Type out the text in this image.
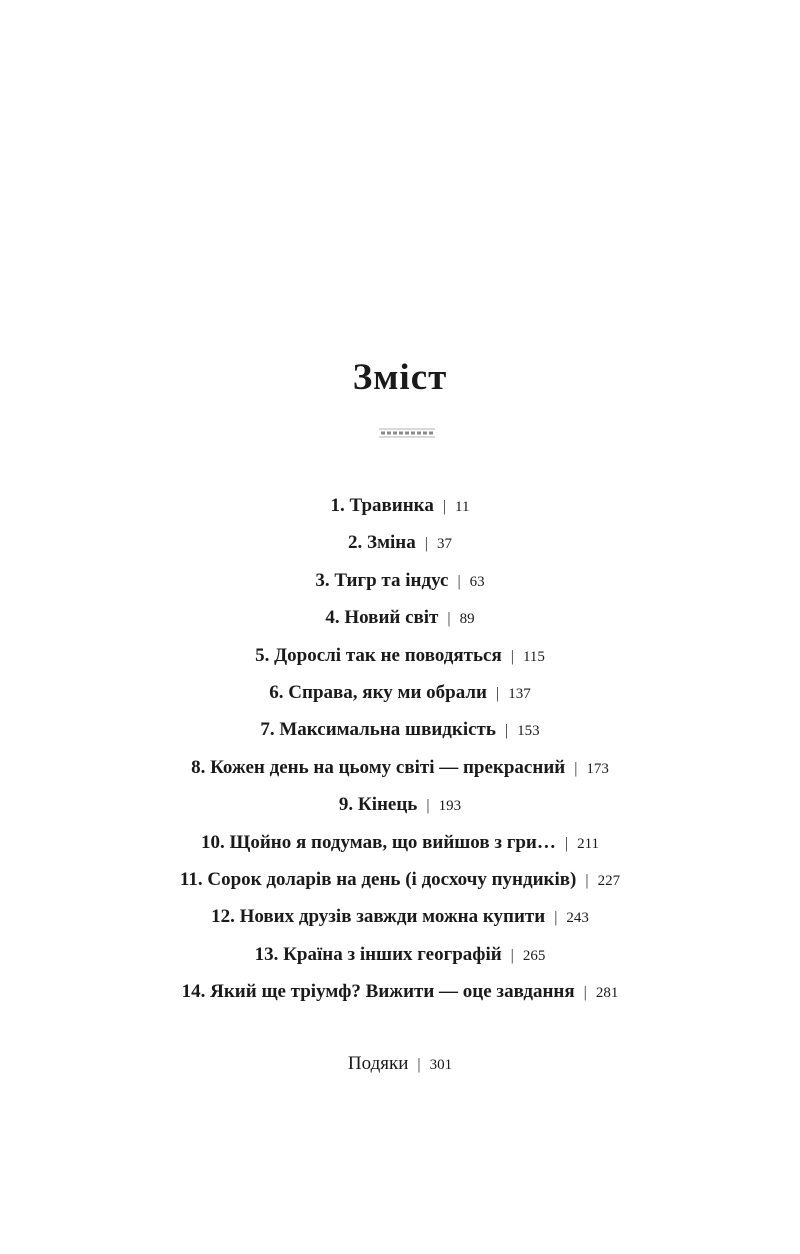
Зміст
1. Травинка | 11
2. Зміна | 37
3. Тигр та індус | 63
4. Новий світ | 89
5. Дорослі так не поводяться | 115
6. Справа, яку ми обрали | 137
7. Максимальна швидкість | 153
8. Кожен день на цьому світі — прекрасний | 173
9. Кінець | 193
10. Щойно я подумав, що вийшов з гри… | 211
11. Сорок доларів на день (і досхочу пундиків) | 227
12. Нових друзів завжди можна купити | 243
13. Країна з інших географій | 265
14. Який ще тріумф? Вижити — оце завдання | 281
Подяки | 301
